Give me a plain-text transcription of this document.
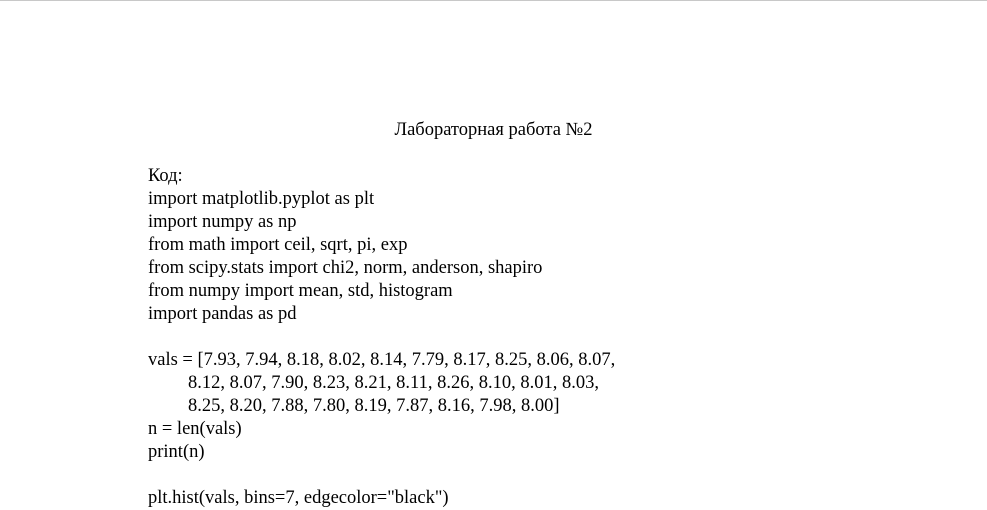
Лабораторная работа №2
Код:
import matplotlib.pyplot as plt
import numpy as np
from math import ceil, sqrt, pi, exp
from scipy.stats import chi2, norm, anderson, shapiro
from numpy import mean, std, histogram
import pandas as pd
vals = [7.93, 7.94, 8.18, 8.02, 8.14, 7.79, 8.17, 8.25, 8.06, 8.07,
8.12, 8.07, 7.90, 8.23, 8.21, 8.11, 8.26, 8.10, 8.01, 8.03,
8.25, 8.20, 7.88, 7.80, 8.19, 7.87, 8.16, 7.98, 8.00]
n = len(vals)
print(n)
plt.hist(vals, bins=7, edgecolor="black")
